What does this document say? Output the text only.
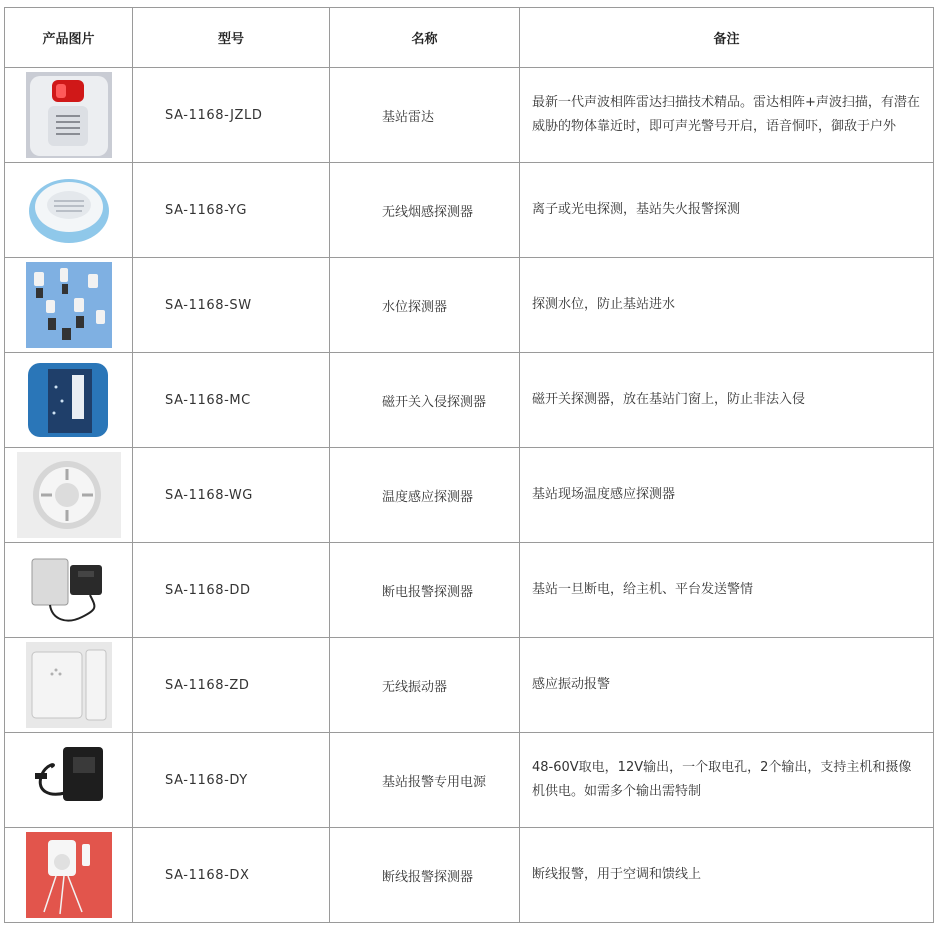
产品图片	型号	名称	备注

	SA-1168-JZLD	基站雷达	最新一代声波相阵雷达扫描技术精品。雷达相阵+声波扫描，有潜在威胁的物体靠近时，即可声光警号开启，语音恫吓，御敌于户外

	SA-1168-YG	无线烟感探测器	离子或光电探测，基站失火报警探测

	SA-1168-SW	水位探测器	探测水位，防止基站进水

	SA-1168-MC	磁开关入侵探测器	磁开关探测器，放在基站门窗上，防止非法入侵

	SA-1168-WG	温度感应探测器	基站现场温度感应探测器

	SA-1168-DD	断电报警探测器	基站一旦断电，给主机、平台发送警情

	SA-1168-ZD	无线振动器	感应振动报警

	SA-1168-DY	基站报警专用电源	48-60V取电，12V输出，一个取电孔，2个输出，支持主机和摄像机供电。如需多个输出需特制

	SA-1168-DX	断线报警探测器	断线报警，用于空调和馈线上
